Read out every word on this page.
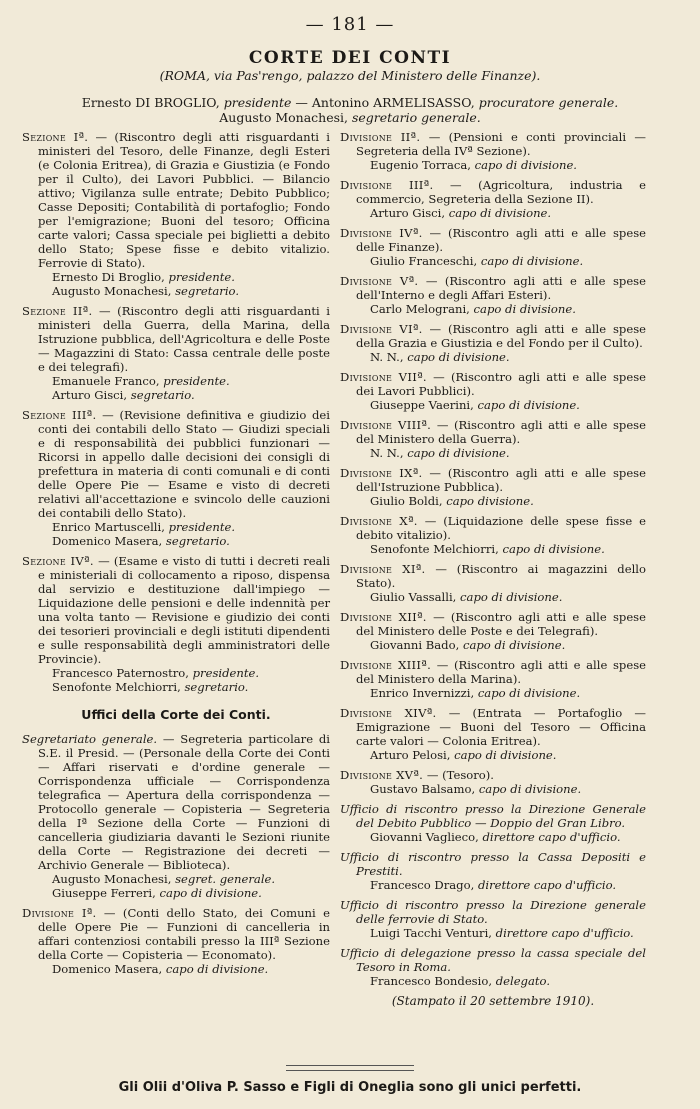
— 181 —
CORTE DEI CONTI
(ROMA, via Pas'rengo, palazzo del Ministero delle Finanze).
Ernesto DI BROGLIO, presidente — Antonino ARMELISASSO, procuratore generale.
Augusto Monachesi, segretario generale.
Sezione Iª. — (Riscontro degli atti risguardanti i ministeri del Tesoro, delle Finanze, degli Esteri (e Colonia Eritrea), di Grazia e Giustizia (e Fondo per il Culto), dei Lavori Pubblici. — Bilancio attivo; Vigilanza sulle entrate; Debito Pubblico; Casse Depositi; Contabilità di portafoglio; Fondo per l'emigrazione; Buoni del tesoro; Officina carte valori; Cassa speciale pei biglietti a debito dello Stato; Spese fisse e debito vitalizio. Ferrovie di Stato).
Ernesto Di Broglio, presidente.
Augusto Monachesi, segretario.
Sezione IIª. — (Riscontro degli atti risguardanti i ministeri della Guerra, della Marina, della Istruzione pubblica, dell'Agricoltura e delle Poste — Magazzini di Stato: Cassa centrale delle poste e dei telegrafi).
Emanuele Franco, presidente.
Arturo Gisci, segretario.
Sezione IIIª. — (Revisione definitiva e giudizio dei conti dei contabili dello Stato — Giudizi speciali e di responsabilità dei pubblici funzionari — Ricorsi in appello dalle decisioni dei consigli di prefettura in materia di conti comunali e di conti delle Opere Pie — Esame e visto di decreti relativi all'accettazione e svincolo delle cauzioni dei contabili dello Stato).
Enrico Martuscelli, presidente.
Domenico Masera, segretario.
Sezione IVª. — (Esame e visto di tutti i decreti reali e ministeriali di collocamento a riposo, dispensa dal servizio e destituzione dall'impiego — Liquidazione delle pensioni e delle indennità per una volta tanto — Revisione e giudizio dei conti dei tesorieri provinciali e degli istituti dipendenti e sulle responsabilità degli amministratori delle Provincie).
Francesco Paternostro, presidente.
Senofonte Melchiorri, segretario.
Uffici della Corte dei Conti.
Segretariato generale. — Segreteria particolare di S.E. il Presid. — (Personale della Corte dei Conti — Affari riservati e d'ordine generale — Corrispondenza ufficiale — Corrispondenza telegrafica — Apertura della corrispondenza — Protocollo generale — Copisteria — Segreteria della Iª Sezione della Corte — Funzioni di cancelleria giudiziaria davanti le Sezioni riunite della Corte — Registrazione dei decreti — Archivio Generale — Biblioteca).
Augusto Monachesi, segret. generale.
Giuseppe Ferreri, capo di divisione.
Divisione Iª. — (Conti dello Stato, dei Comuni e delle Opere Pie — Funzioni di cancelleria in affari contenziosi contabili presso la IIIª Sezione della Corte — Copisteria — Economato).
Domenico Masera, capo di divisione.
Divisione IIª. — (Pensioni e conti provinciali — Segreteria della IVª Sezione).
Eugenio Torraca, capo di divisione.
Divisione IIIª. — (Agricoltura, industria e commercio, Segreteria della Sezione II).
Arturo Gisci, capo di divisione.
Divisione IVª. — (Riscontro agli atti e alle spese delle Finanze).
Giulio Franceschi, capo di divisione.
Divisione Vª. — (Riscontro agli atti e alle spese dell'Interno e degli Affari Esteri).
Carlo Melograni, capo di divisione.
Divisione VIª. — (Riscontro agli atti e alle spese della Grazia e Giustizia e del Fondo per il Culto).
N. N., capo di divisione.
Divisione VIIª. — (Riscontro agli atti e alle spese dei Lavori Pubblici).
Giuseppe Vaerini, capo di divisione.
Divisione VIIIª. — (Riscontro agli atti e alle spese del Ministero della Guerra).
N. N., capo di divisione.
Divisione IXª. — (Riscontro agli atti e alle spese dell'Istruzione Pubblica).
Giulio Boldi, capo divisione.
Divisione Xª. — (Liquidazione delle spese fisse e debito vitalizio).
Senofonte Melchiorri, capo di divisione.
Divisione XIª. — (Riscontro ai magazzini dello Stato).
Giulio Vassalli, capo di divisione.
Divisione XIIª. — (Riscontro agli atti e alle spese del Ministero delle Poste e dei Telegrafi).
Giovanni Bado, capo di divisione.
Divisione XIIIª. — (Riscontro agli atti e alle spese del Ministero della Marina).
Enrico Invernizzi, capo di divisione.
Divisione XIVª. — (Entrata — Portafoglio — Emigrazione — Buoni del Tesoro — Officina carte valori — Colonia Eritrea).
Arturo Pelosi, capo di divisione.
Divisione XVª. — (Tesoro).
Gustavo Balsamo, capo di divisione.
Ufficio di riscontro presso la Direzione Generale del Debito Pubblico — Doppio del Gran Libro.
Giovanni Vaglieco, direttore capo d'ufficio.
Ufficio di riscontro presso la Cassa Depositi e Prestiti.
Francesco Drago, direttore capo d'ufficio.
Ufficio di riscontro presso la Direzione generale delle ferrovie di Stato.
Luigi Tacchi Venturi, direttore capo d'ufficio.
Ufficio di delegazione presso la cassa speciale del Tesoro in Roma.
Francesco Bondesio, delegato.
(Stampato il 20 settembre 1910).
Gli Olii d'Oliva P. Sasso e Figli di Oneglia sono gli unici perfetti.
